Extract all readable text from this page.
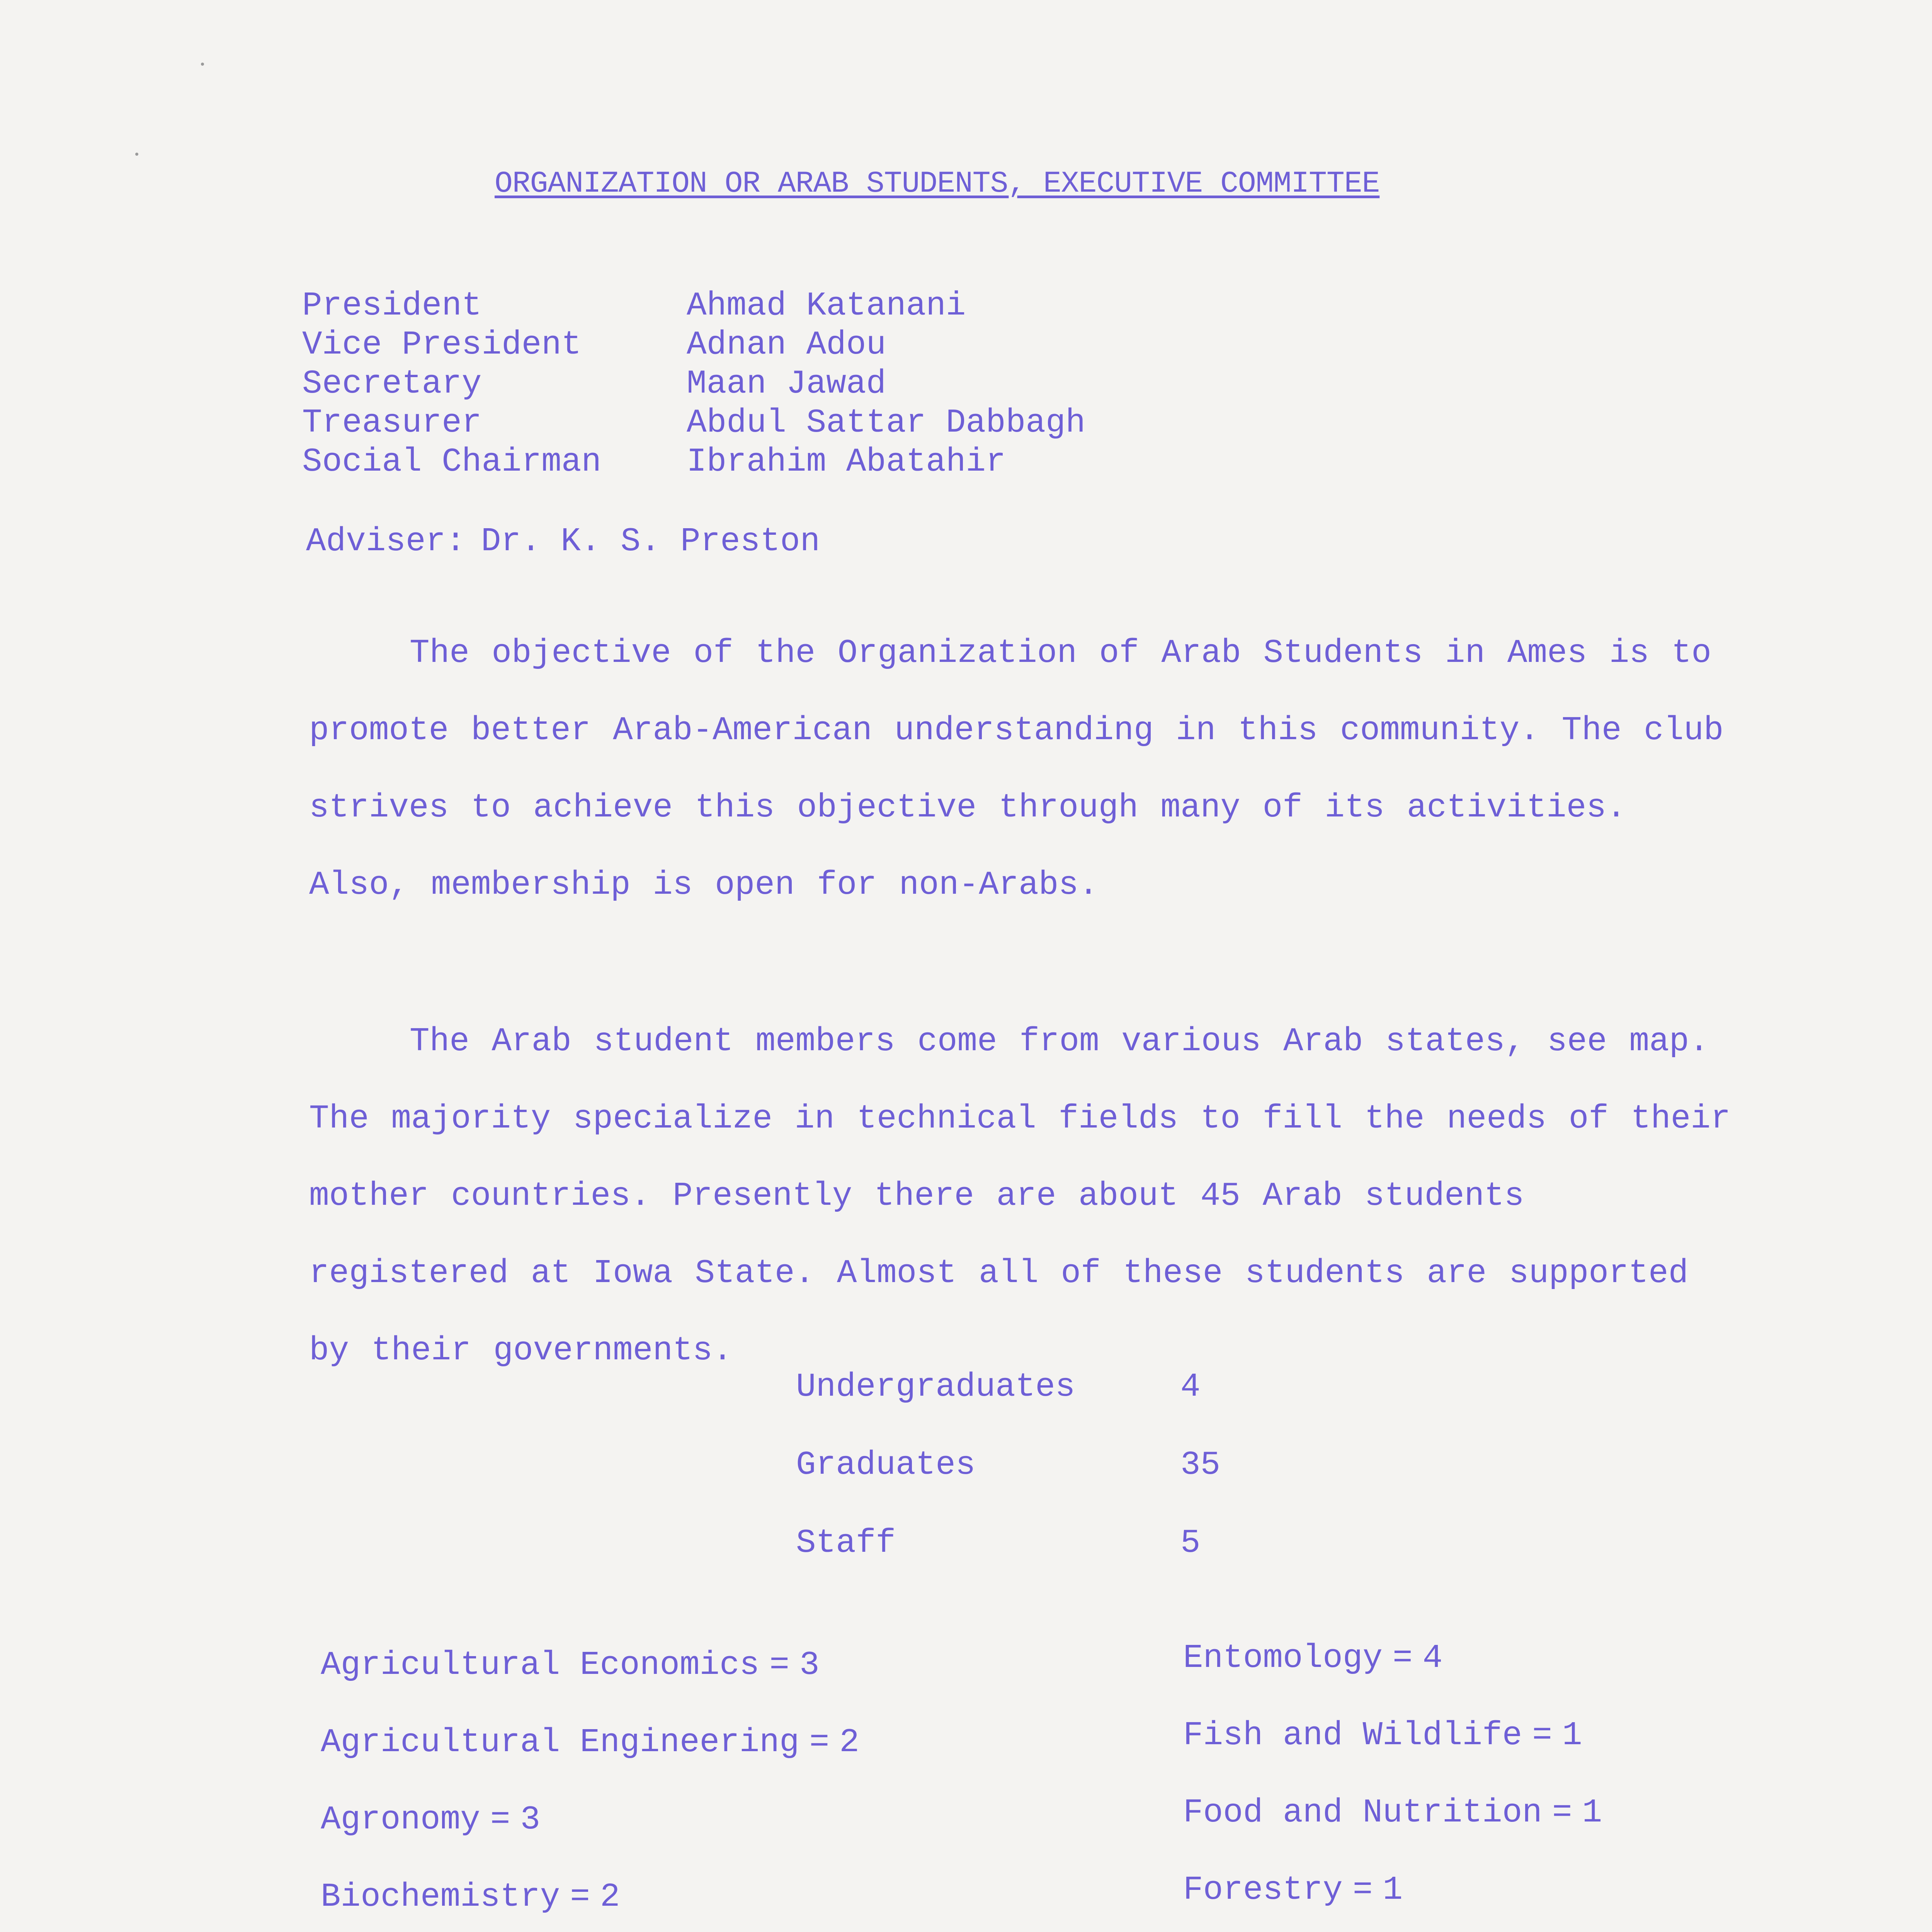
ORGANIZATION OR ARAB STUDENTS, EXECUTIVE COMMITTEE
President	Ahmad Katanani
Vice President	Adnan Adou
Secretary	Maan Jawad
Treasurer	Abdul Sattar Dabbagh
Social Chairman	Ibrahim Abatahir
Adviser: Dr. K. S. Preston

The objective of the Organization of Arab Students in Ames is to promote better Arab-American understanding in this community. The club strives to achieve this objective through many of its activities. Also, membership is open for non-Arabs.

The Arab student members come from various Arab states, see map. The majority specialize in technical fields to fill the needs of their mother countries. Presently there are about 45 Arab students registered at Iowa State. Almost all of these students are supported by their governments.

Undergraduates	4
Graduates	35
Staff	5
Agricultural Economics = 3
Agricultural Engineering = 2
Agronomy = 3
Biochemistry = 2
Entomology = 4
Fish and Wildlife = 1
Food and Nutrition = 1
Forestry = 1
